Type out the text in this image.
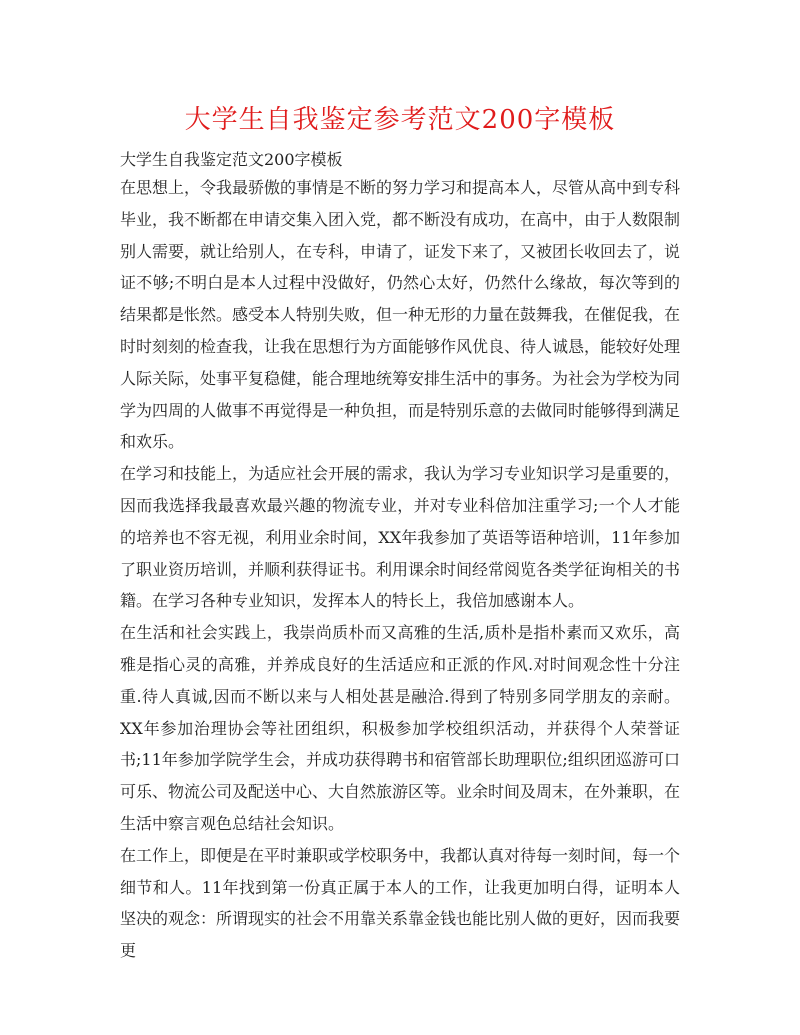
大学生自我鉴定参考范文200字模板
大学生自我鉴定范文200字模板

在思想上，令我最骄傲的事情是不断的努力学习和提高本人，尽管从高中到专科毕业，我不断都在申请交集入团入党，都不断没有成功，在高中，由于人数限制别人需要，就让给别人，在专科，申请了，证发下来了，又被团长收回去了，说证不够;不明白是本人过程中没做好，仍然心太好，仍然什么缘故，每次等到的结果都是怅然。感受本人特别失败，但一种无形的力量在鼓舞我，在催促我，在时时刻刻的检查我，让我在思想行为方面能够作风优良、待人诚恳，能较好处理人际关际，处事平复稳健，能合理地统筹安排生活中的事务。为社会为学校为同学为四周的人做事不再觉得是一种负担，而是特别乐意的去做同时能够得到满足和欢乐。

在学习和技能上，为适应社会开展的需求，我认为学习专业知识学习是重要的，因而我选择我最喜欢最兴趣的物流专业，并对专业科倍加注重学习;一个人才能的培养也不容无视，利用业余时间，XX年我参加了英语等语种培训，11年参加了职业资历培训，并顺利获得证书。利用课余时间经常阅览各类学征询相关的书籍。在学习各种专业知识，发挥本人的特长上，我倍加感谢本人。

在生活和社会实践上，我崇尚质朴而又高雅的生活,质朴是指朴素而又欢乐，高雅是指心灵的高雅，并养成良好的生活适应和正派的作风.对时间观念性十分注重.待人真诚,因而不断以来与人相处甚是融洽.得到了特别多同学朋友的亲耐。XX年参加治理协会等社团组织，积极参加学校组织活动，并获得个人荣誉证书;11年参加学院学生会，并成功获得聘书和宿管部长助理职位;组织团巡游可口可乐、物流公司及配送中心、大自然旅游区等。业余时间及周末，在外兼职，在生活中察言观色总结社会知识。

在工作上，即便是在平时兼职或学校职务中，我都认真对待每一刻时间，每一个细节和人。11年找到第一份真正属于本人的工作，让我更加明白得，证明本人坚决的观念：所谓现实的社会不用靠关系靠金钱也能比别人做的更好，因而我要更
